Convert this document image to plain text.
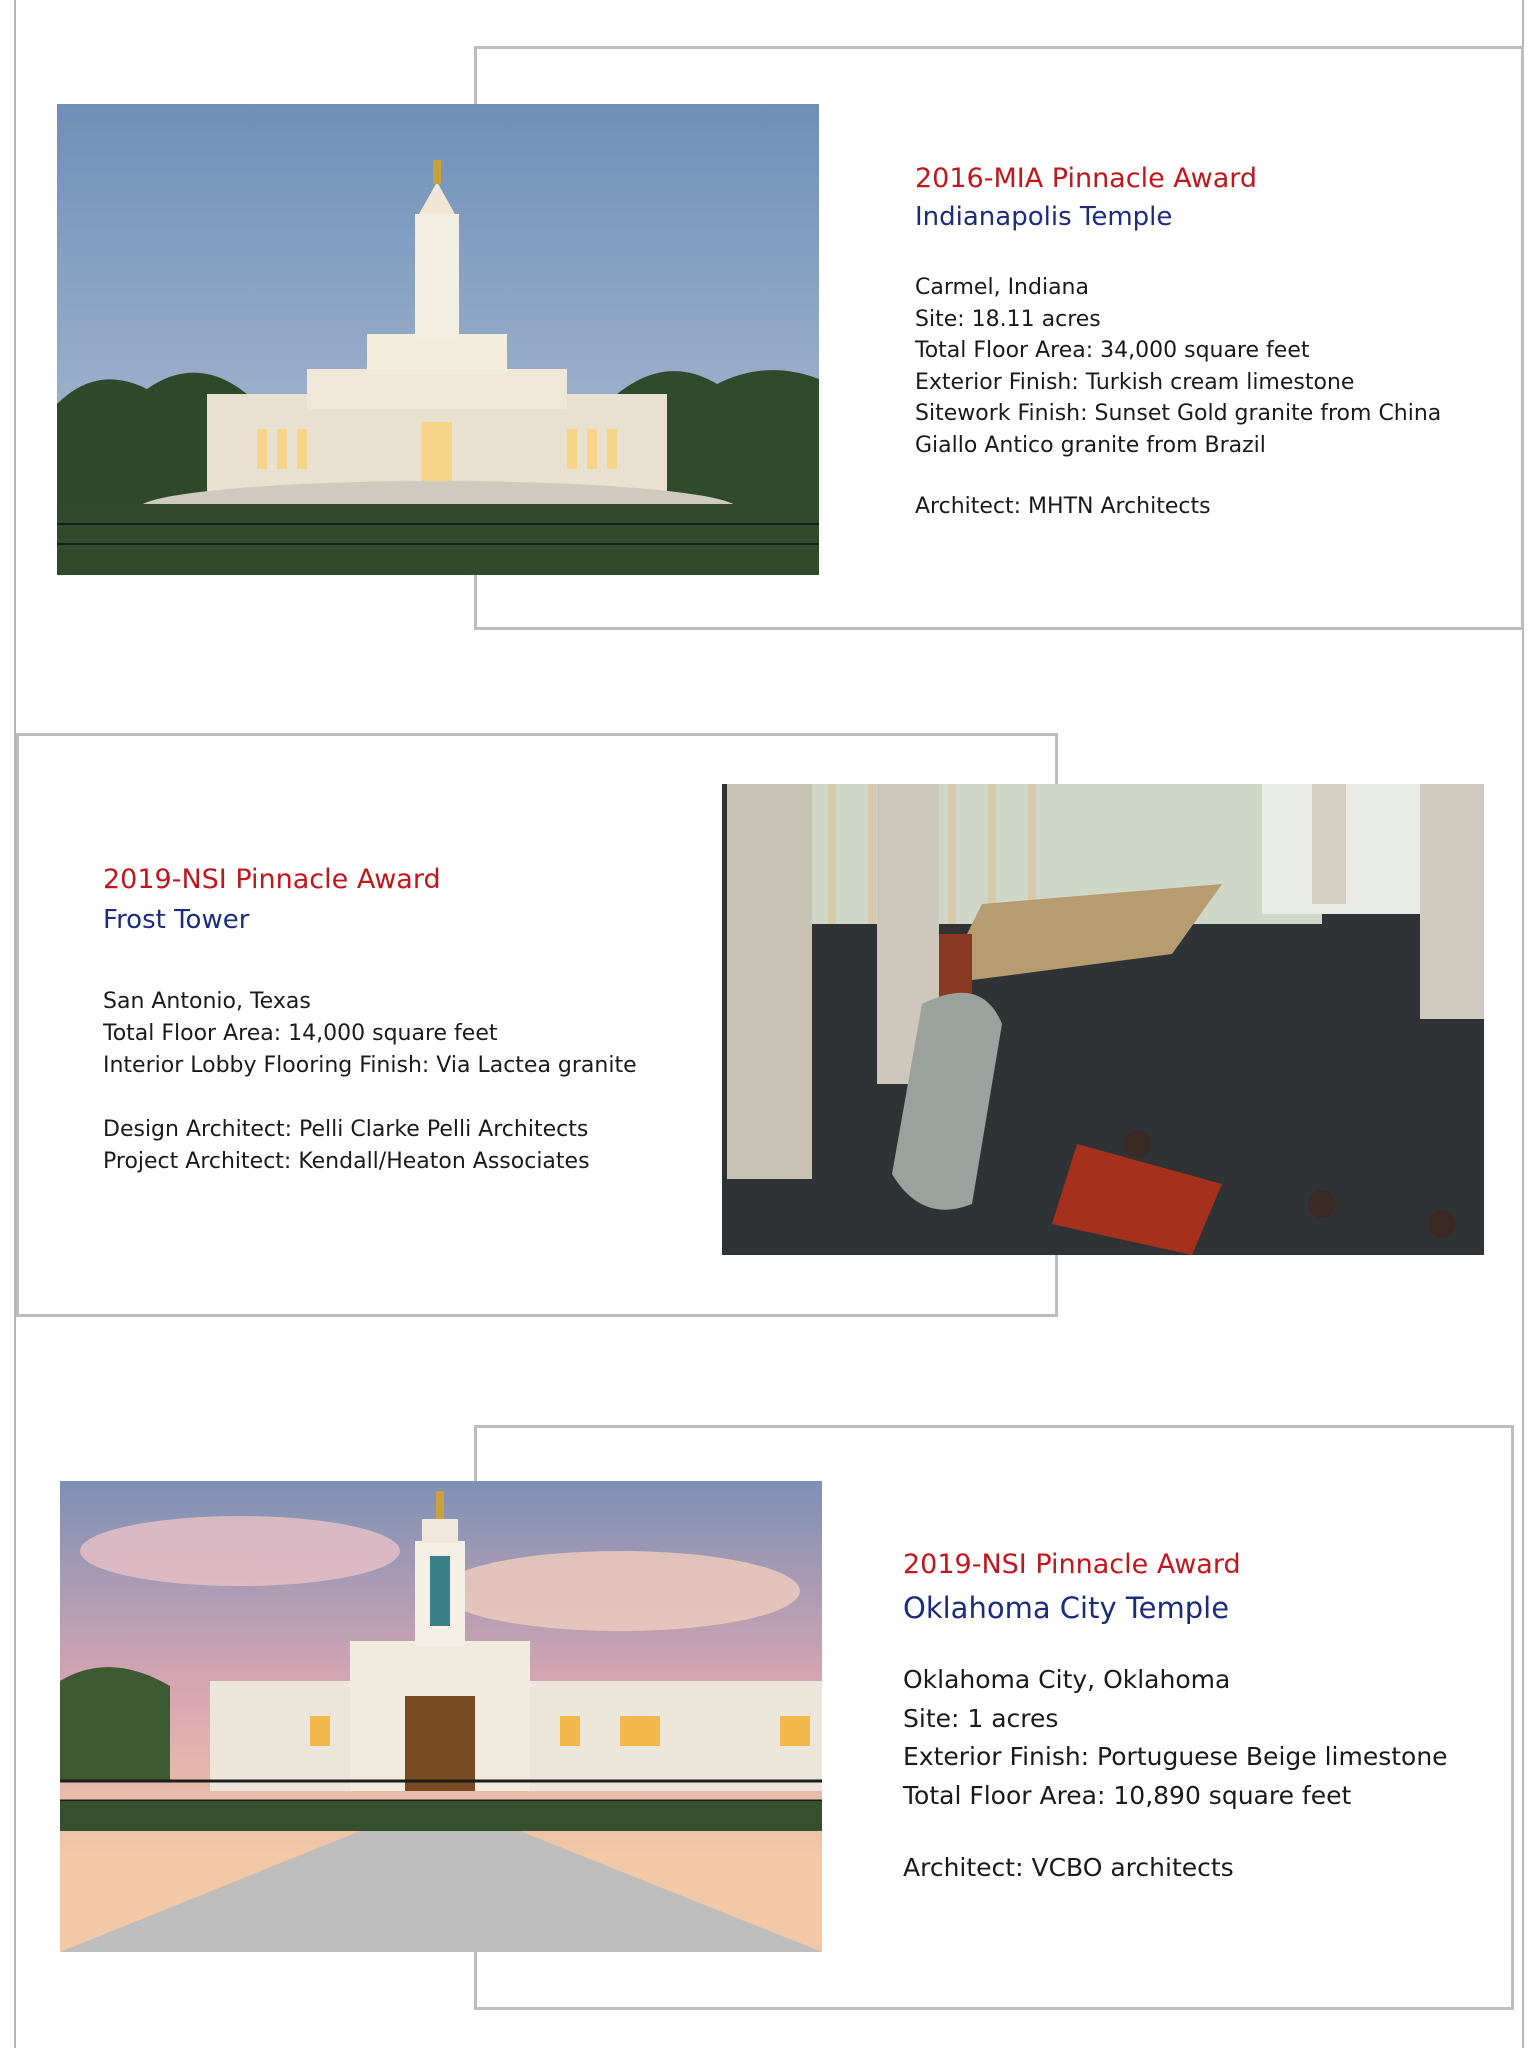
2016-MIA Pinnacle Award
Indianapolis Temple
Carmel, Indiana
Site: 18.11 acres
Total Floor Area: 34,000 square feet
Exterior Finish: Turkish cream limestone
Sitework Finish: Sunset Gold granite from China
Giallo Antico granite from Brazil
Architect: MHTN Architects
2019-NSI Pinnacle Award
Frost Tower
San Antonio, Texas
Total Floor Area: 14,000 square feet
Interior Lobby Flooring Finish: Via Lactea granite
Design Architect: Pelli Clarke Pelli Architects
Project Architect: Kendall/Heaton Associates
2019-NSI Pinnacle Award
Oklahoma City Temple
Oklahoma City, Oklahoma
Site: 1 acres
Exterior Finish: Portuguese Beige limestone
Total Floor Area: 10,890 square feet
Architect: VCBO architects
